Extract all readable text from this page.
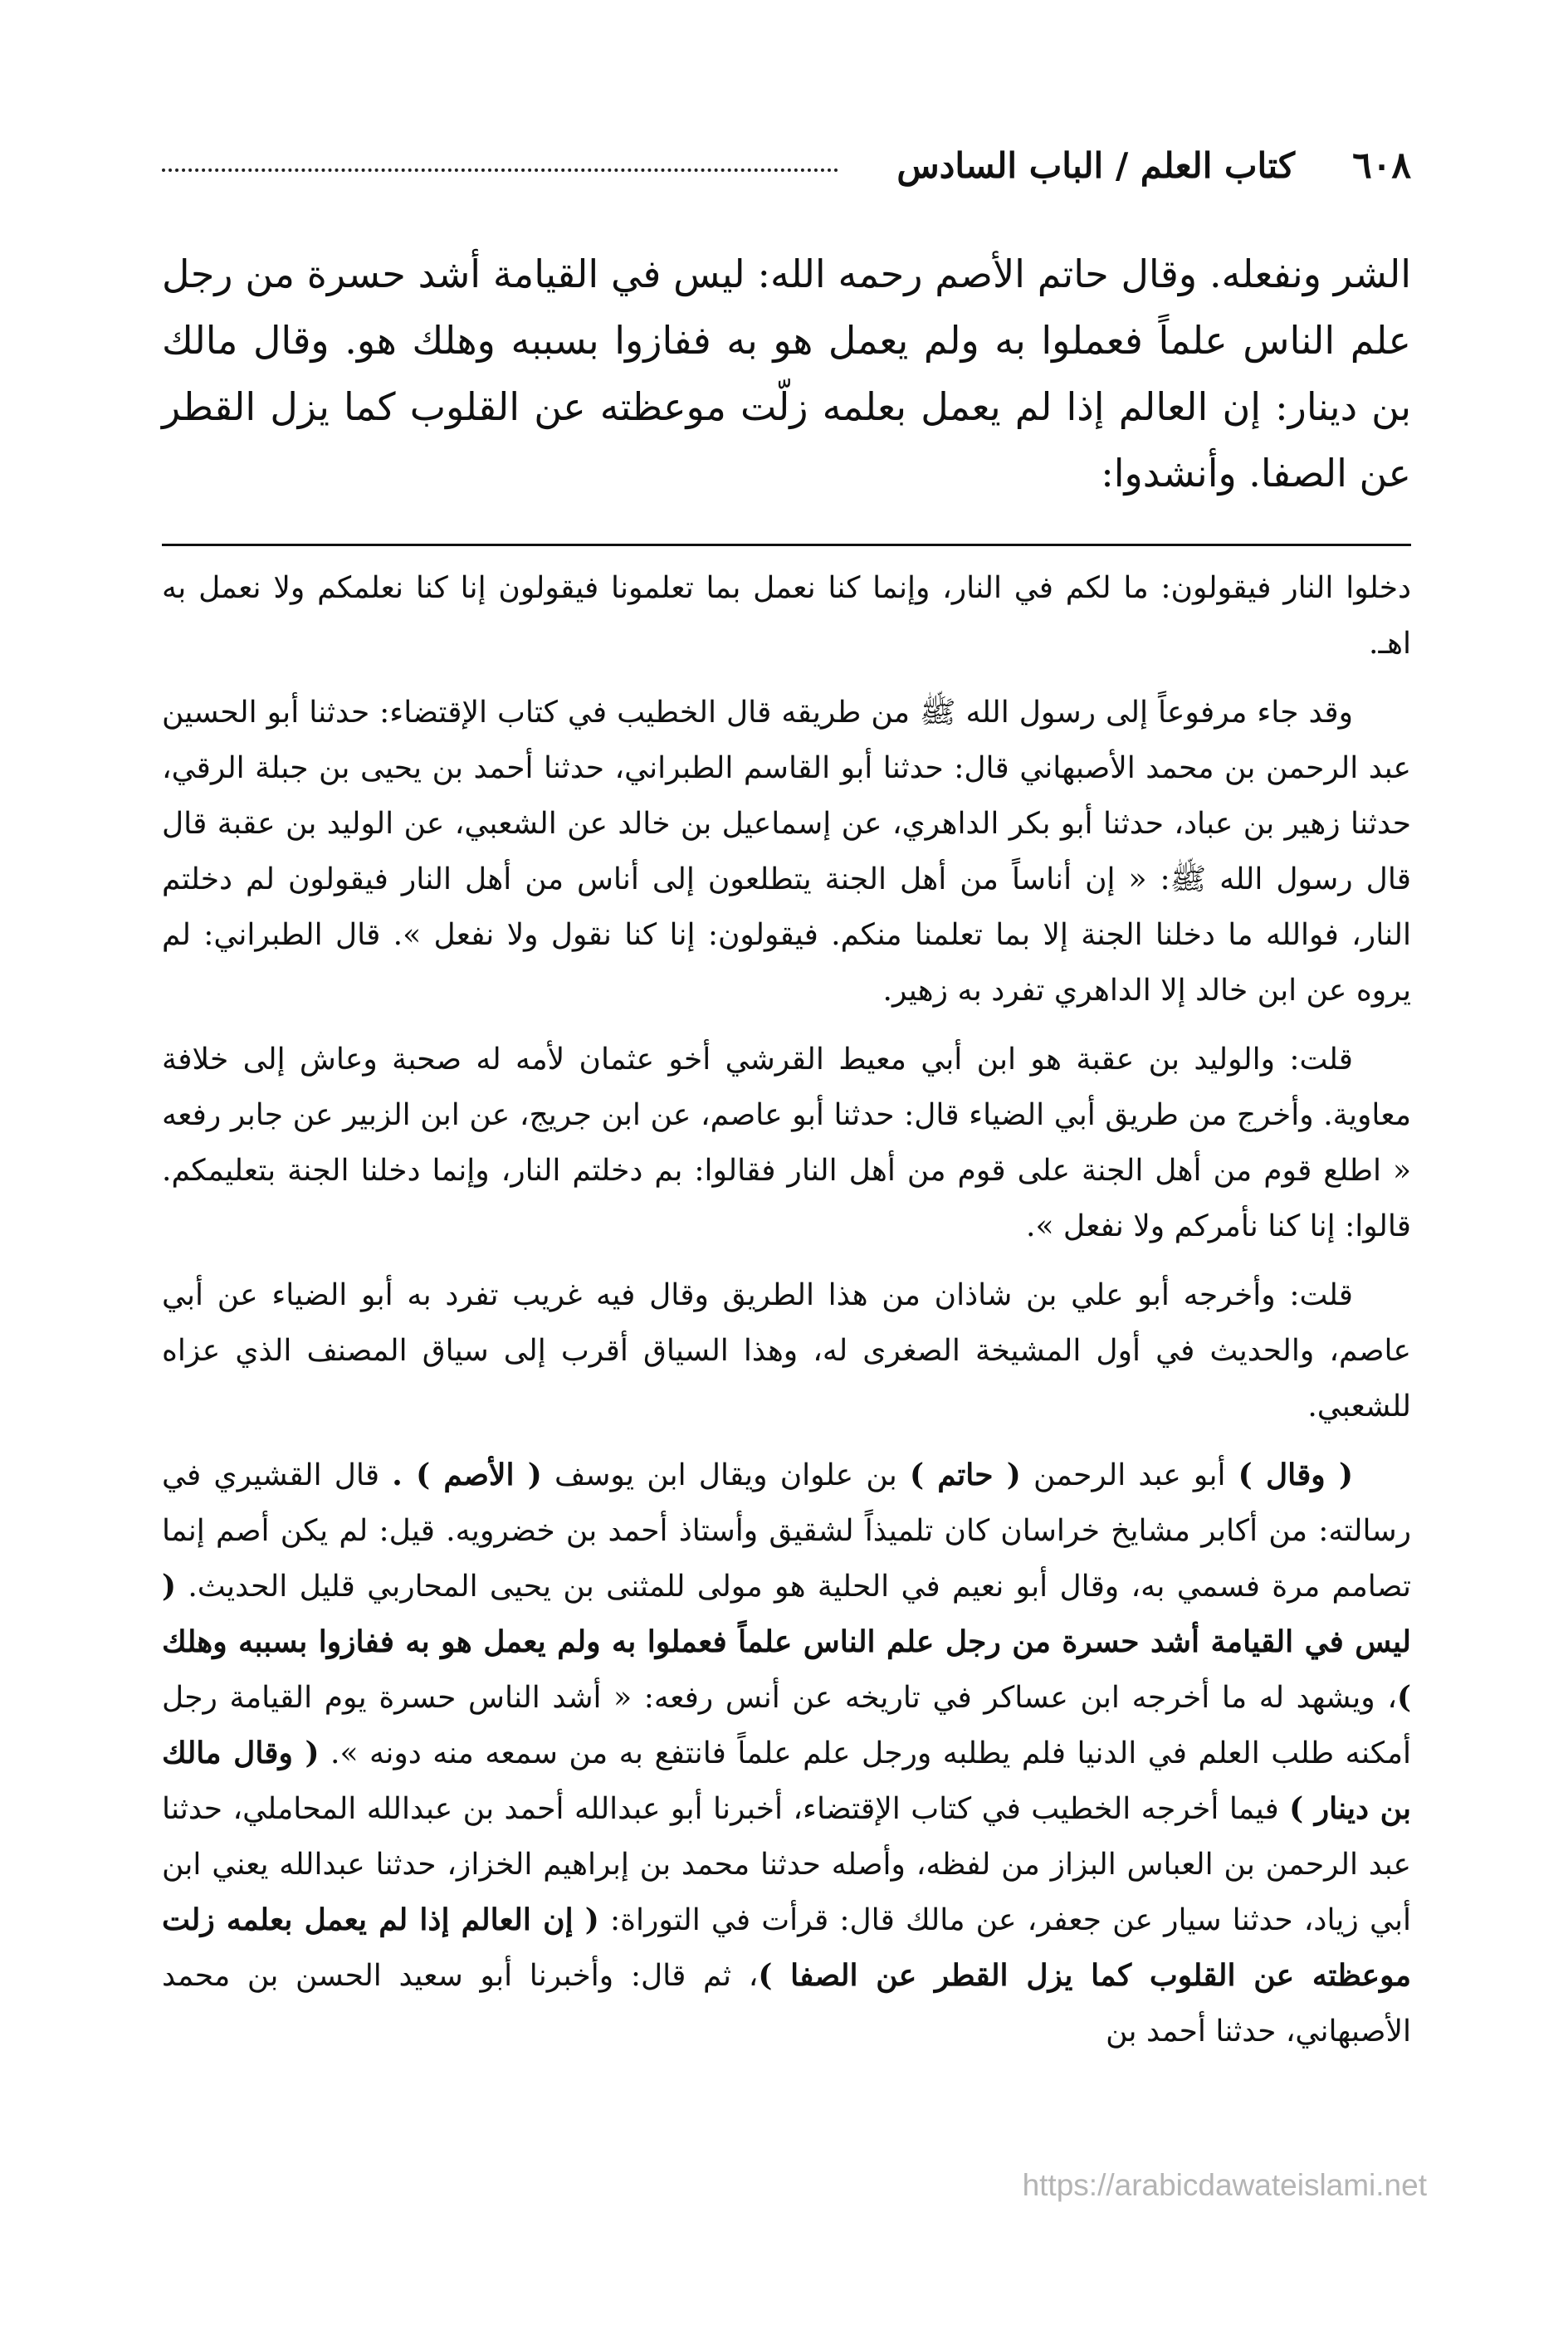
٦٠٨
كتاب العلم / الباب السادس

الشر ونفعله. وقال حاتم الأصم رحمه الله: ليس في القيامة أشد حسرة من رجل علم الناس علماً فعملوا به ولم يعمل هو به ففازوا بسببه وهلك هو. وقال مالك بن دينار: إن العالم إذا لم يعمل بعلمه زلّت موعظته عن القلوب كما يزل القطر عن الصفا. وأنشدوا:

دخلوا النار فيقولون: ما لكم في النار، وإنما كنا نعمل بما تعلمونا فيقولون إنا كنا نعلمكم ولا نعمل به اهـ.

وقد جاء مرفوعاً إلى رسول الله ﷺ من طريقه قال الخطيب في كتاب الإقتضاء: حدثنا أبو الحسين عبد الرحمن بن محمد الأصبهاني قال: حدثنا أبو القاسم الطبراني، حدثنا أحمد بن يحيى بن جبلة الرقي، حدثنا زهير بن عباد، حدثنا أبو بكر الداهري، عن إسماعيل بن خالد عن الشعبي، عن الوليد بن عقبة قال قال رسول الله ﷺ: « إن أناساً من أهل الجنة يتطلعون إلى أناس من أهل النار فيقولون لم دخلتم النار، فوالله ما دخلنا الجنة إلا بما تعلمنا منكم. فيقولون: إنا كنا نقول ولا نفعل ». قال الطبراني: لم يروه عن ابن خالد إلا الداهري تفرد به زهير.

قلت: والوليد بن عقبة هو ابن أبي معيط القرشي أخو عثمان لأمه له صحبة وعاش إلى خلافة معاوية. وأخرج من طريق أبي الضياء قال: حدثنا أبو عاصم، عن ابن جريج، عن ابن الزبير عن جابر رفعه « اطلع قوم من أهل الجنة على قوم من أهل النار فقالوا: بم دخلتم النار، وإنما دخلنا الجنة بتعليمكم. قالوا: إنا كنا نأمركم ولا نفعل ».

قلت: وأخرجه أبو علي بن شاذان من هذا الطريق وقال فيه غريب تفرد به أبو الضياء عن أبي عاصم، والحديث في أول المشيخة الصغرى له، وهذا السياق أقرب إلى سياق المصنف الذي عزاه للشعبي.

( وقال ) أبو عبد الرحمن ( حاتم ) بن علوان ويقال ابن يوسف ( الأصم ) . قال القشيري في رسالته: من أكابر مشايخ خراسان كان تلميذاً لشقيق وأستاذ أحمد بن خضرويه. قيل: لم يكن أصم إنما تصامم مرة فسمي به، وقال أبو نعيم في الحلية هو مولى للمثنى بن يحيى المحاربي قليل الحديث. ( ليس في القيامة أشد حسرة من رجل علم الناس علماً فعملوا به ولم يعمل هو به ففازوا بسببه وهلك )، ويشهد له ما أخرجه ابن عساكر في تاريخه عن أنس رفعه: « أشد الناس حسرة يوم القيامة رجل أمكنه طلب العلم في الدنيا فلم يطلبه ورجل علم علماً فانتفع به من سمعه منه دونه ». ( وقال مالك بن دينار ) فيما أخرجه الخطيب في كتاب الإقتضاء، أخبرنا أبو عبدالله أحمد بن عبدالله المحاملي، حدثنا عبد الرحمن بن العباس البزاز من لفظه، وأصله حدثنا محمد بن إبراهيم الخزاز، حدثنا عبدالله يعني ابن أبي زياد، حدثنا سيار عن جعفر، عن مالك قال: قرأت في التوراة: ( إن العالم إذا لم يعمل بعلمه زلت موعظته عن القلوب كما يزل القطر عن الصفا )، ثم قال: وأخبرنا أبو سعيد الحسن بن محمد الأصبهاني، حدثنا أحمد بن

https://arabicdawateislami.net
